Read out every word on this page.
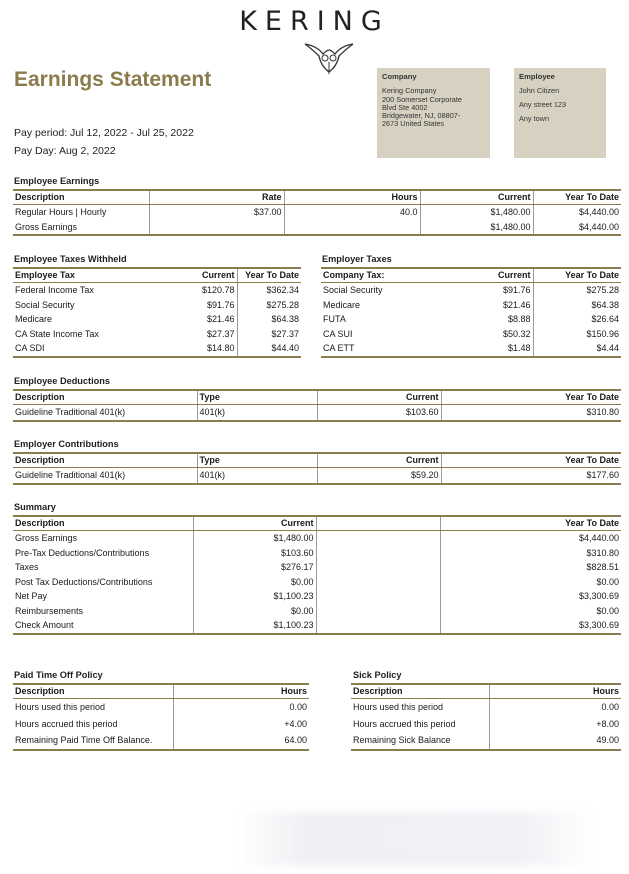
KERING
Earnings Statement
Pay period: Jul 12, 2022 - Jul 25, 2022
Pay Day: Aug 2, 2022
Company
Kering Company
200 Somerset Corporate
Blvd Ste 4002
Bridgewater, NJ, 08807-
2673 United States
Employee
John Citizen
Any street 123
Any town
Employee Earnings
Description	Rate	Hours	Current	Year To Date
Regular Hours | Hourly	$37.00	40.0	$1,480.00	$4,440.00
Gross Earnings			$1,480.00	$4,440.00
Employee Taxes Withheld
Employee Tax	Current	Year To Date
Federal Income Tax	$120.78	$362.34
Social Security	$91.76	$275.28
Medicare	$21.46	$64.38
CA State Income Tax	$27.37	$27.37
CA SDI	$14.80	$44.40
Employer Taxes
Company Tax:	Current	Year To Date
Social Security	$91.76	$275.28
Medicare	$21.46	$64.38
FUTA	$8.88	$26.64
CA SUI	$50.32	$150.96
CA ETT	$1.48	$4.44
Employee Deductions
Description	Type	Current	Year To Date
Guideline Traditional 401(k)	401(k)	$103.60	$310.80
Employer Contributions
Description	Type	Current	Year To Date
Guideline Traditional 401(k)	401(k)	$59.20	$177.60
Summary
Description	Current		Year To Date
Gross Earnings	$1,480.00		$4,440.00
Pre-Tax Deductions/Contributions	$103.60		$310.80
Taxes	$276.17		$828.51
Post Tax Deductions/Contributions	$0.00		$0.00
Net Pay	$1,100.23		$3,300.69
Reimbursements	$0.00		$0.00
Check Amount	$1,100.23		$3,300.69
Paid Time Off Policy
Description	Hours
Hours used this period	0.00
Hours accrued this period	+4.00
Remaining Paid Time Off Balance.	64.00
Sick Policy
Description	Hours
Hours used this period	0.00
Hours accrued this period	+8.00
Remaining Sick Balance	49.00
